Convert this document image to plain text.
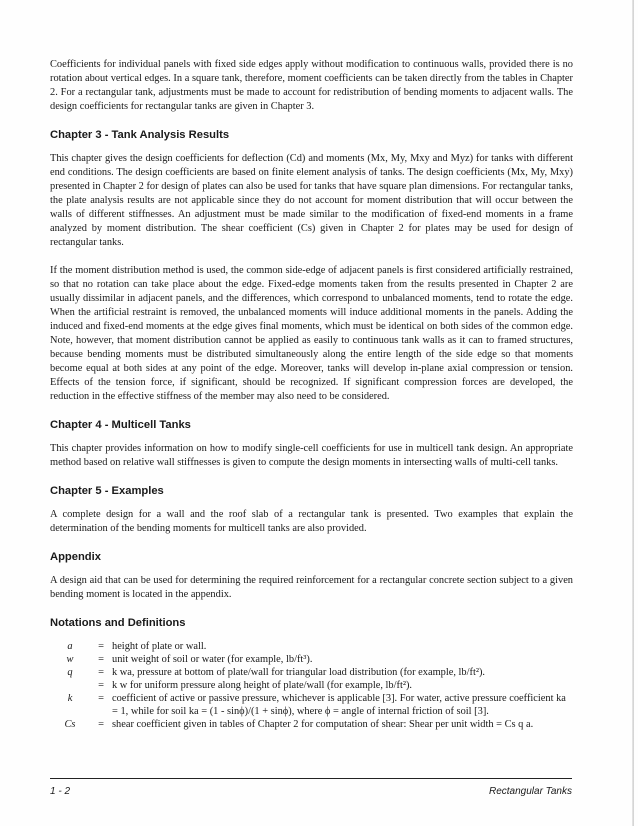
Coefficients for individual panels with fixed side edges apply without modification to continuous walls, provided there is no rotation about vertical edges. In a square tank, therefore, moment coefficients can be taken directly from the tables in Chapter 2. For a rectangular tank, adjustments must be made to account for redistribution of bending moments to adjacent walls. The design coefficients for rectangular tanks are given in Chapter 3.

Chapter 3 - Tank Analysis Results

This chapter gives the design coefficients for deflection (Cd) and moments (Mx, My, Mxy and Myz) for tanks with different end conditions. The design coefficients are based on finite element analysis of tanks. The design coefficients (Mx, My, Mxy) presented in Chapter 2 for design of plates can also be used for tanks that have square plan dimensions. For rectangular tanks, the plate analysis results are not applicable since they do not account for moment distribution that will occur between the walls of different stiffnesses. An adjustment must be made similar to the modification of fixed-end moments in a frame analyzed by moment distribution. The shear coefficient (Cs) given in Chapter 2 for plates may be used for design of rectangular tanks.

If the moment distribution method is used, the common side-edge of adjacent panels is first considered artificially restrained, so that no rotation can take place about the edge. Fixed-edge moments taken from the results presented in Chapter 2 are usually dissimilar in adjacent panels, and the differences, which correspond to unbalanced moments, tend to rotate the edge. When the artificial restraint is removed, the unbalanced moments will induce additional moments in the panels. Adding the induced and fixed-end moments at the edge gives final moments, which must be identical on both sides of the common edge. Note, however, that moment distribution cannot be applied as easily to continuous tank walls as it can to framed structures, because bending moments must be distributed simultaneously along the entire length of the side edge so that moments become equal at both sides at any point of the edge. Moreover, tanks will develop in-plane axial compression or tension. Effects of the tension force, if significant, should be recognized. If significant compression forces are developed, the reduction in the effective stiffness of the member may also need to be considered.

Chapter 4 - Multicell Tanks

This chapter provides information on how to modify single-cell coefficients for use in multicell tank design. An appropriate method based on relative wall stiffnesses is given to compute the design moments in intersecting walls of multi-cell tanks.

Chapter 5 - Examples

A complete design for a wall and the roof slab of a rectangular tank is presented. Two examples that explain the determination of the bending moments for multicell tanks are also provided.

Appendix

A design aid that can be used for determining the required reinforcement for a rectangular concrete section subject to a given bending moment is located in the appendix.

Notations and Definitions
a	= height of plate or wall.
w	= unit weight of soil or water (for example, lb/ft³).
q	= k wa, pressure at bottom of plate/wall for triangular load distribution (for example, lb/ft²).
= k w for uniform pressure along height of plate/wall (for example, lb/ft²).
k	= coefficient of active or passive pressure, whichever is applicable [3]. For water, active pressure coefficient ka = 1, while for soil ka = (1 - sinϕ)/(1 + sinϕ), where ϕ = angle of internal friction of soil [3].
Cs	= shear coefficient given in tables of Chapter 2 for computation of shear: Shear per unit width = Cs q a.
1 - 2	Rectangular Tanks
